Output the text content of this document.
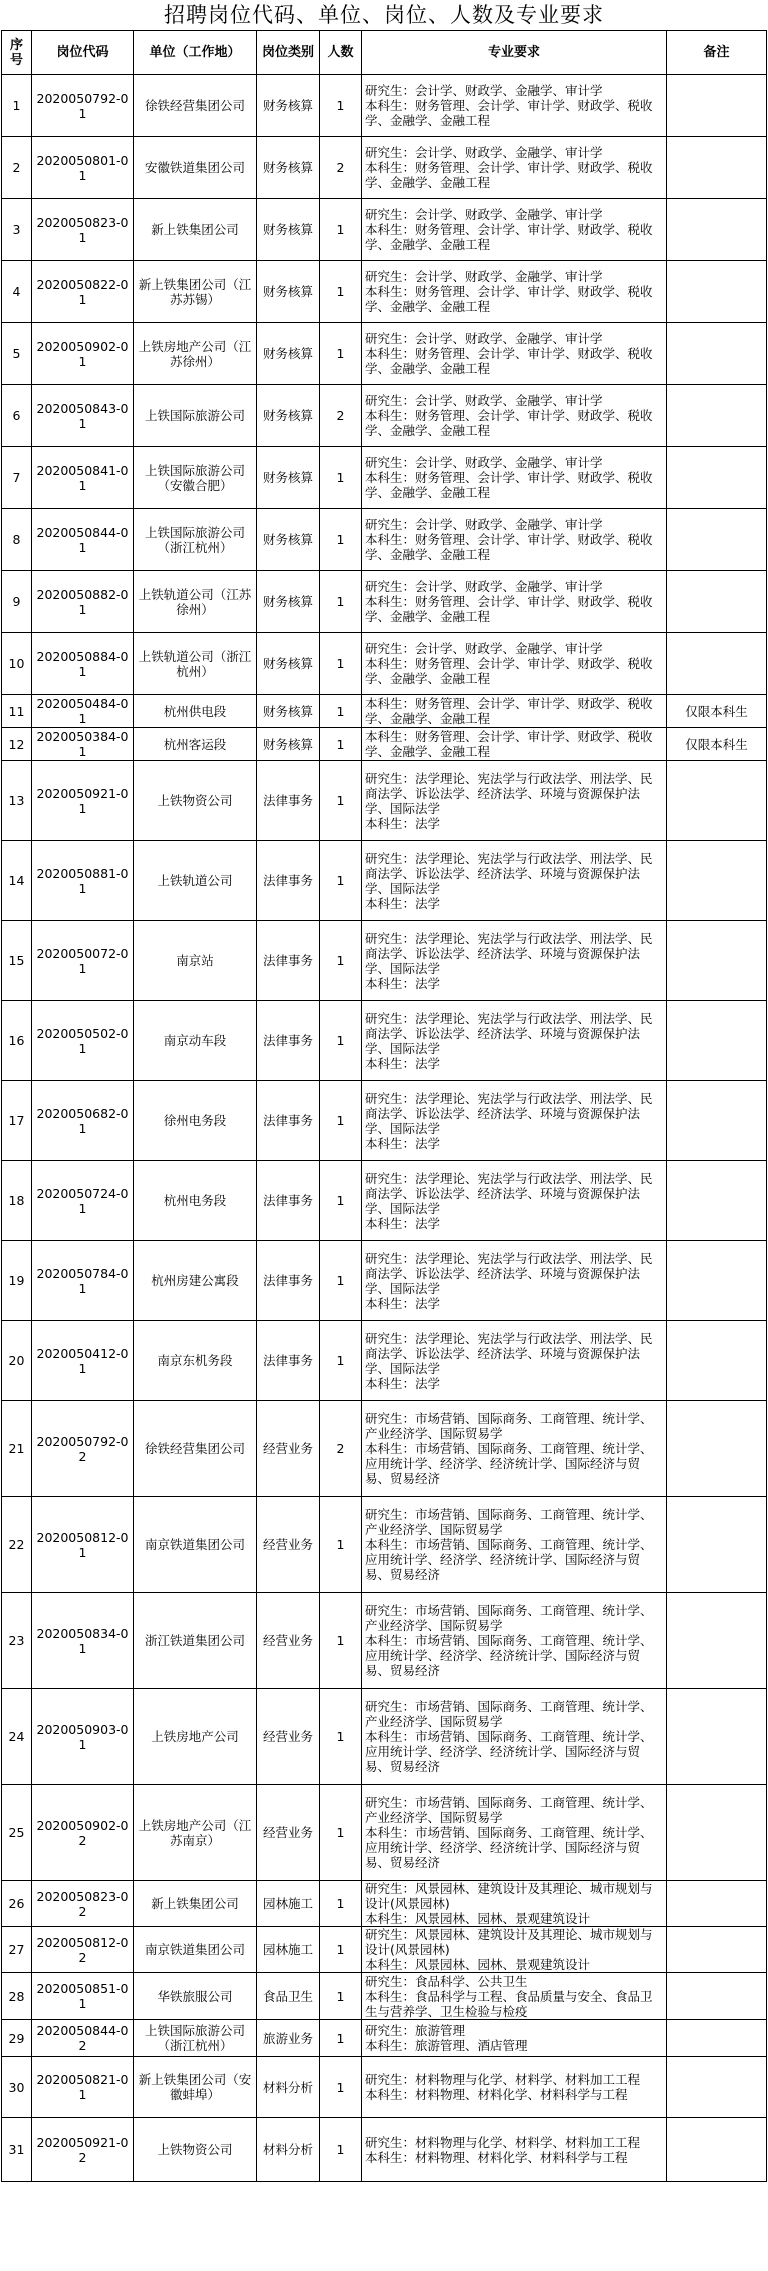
招聘岗位代码、单位、岗位、人数及专业要求
序号	岗位代码	单位（工作地）	岗位类别	人数	专业要求	备注
1	2020050792-01	徐铁经营集团公司	财务核算	1	研究生：会计学、财政学、金融学、审计学
本科生：财务管理、会计学、审计学、财政学、税收学、金融学、金融工程	
2	2020050801-01	安徽铁道集团公司	财务核算	2	研究生：会计学、财政学、金融学、审计学
本科生：财务管理、会计学、审计学、财政学、税收学、金融学、金融工程	
3	2020050823-01	新上铁集团公司	财务核算	1	研究生：会计学、财政学、金融学、审计学
本科生：财务管理、会计学、审计学、财政学、税收学、金融学、金融工程	
4	2020050822-01	新上铁集团公司（江苏苏锡）	财务核算	1	研究生：会计学、财政学、金融学、审计学
本科生：财务管理、会计学、审计学、财政学、税收学、金融学、金融工程	
5	2020050902-01	上铁房地产公司（江苏徐州）	财务核算	1	研究生：会计学、财政学、金融学、审计学
本科生：财务管理、会计学、审计学、财政学、税收学、金融学、金融工程	
6	2020050843-01	上铁国际旅游公司	财务核算	2	研究生：会计学、财政学、金融学、审计学
本科生：财务管理、会计学、审计学、财政学、税收学、金融学、金融工程	
7	2020050841-01	上铁国际旅游公司（安徽合肥）	财务核算	1	研究生：会计学、财政学、金融学、审计学
本科生：财务管理、会计学、审计学、财政学、税收学、金融学、金融工程	
8	2020050844-01	上铁国际旅游公司（浙江杭州）	财务核算	1	研究生：会计学、财政学、金融学、审计学
本科生：财务管理、会计学、审计学、财政学、税收学、金融学、金融工程	
9	2020050882-01	上铁轨道公司（江苏徐州）	财务核算	1	研究生：会计学、财政学、金融学、审计学
本科生：财务管理、会计学、审计学、财政学、税收学、金融学、金融工程	
10	2020050884-01	上铁轨道公司（浙江杭州）	财务核算	1	研究生：会计学、财政学、金融学、审计学
本科生：财务管理、会计学、审计学、财政学、税收学、金融学、金融工程	
11	2020050484-01	杭州供电段	财务核算	1	本科生：财务管理、会计学、审计学、财政学、税收学、金融学、金融工程	仅限本科生
12	2020050384-01	杭州客运段	财务核算	1	本科生：财务管理、会计学、审计学、财政学、税收学、金融学、金融工程	仅限本科生
13	2020050921-01	上铁物资公司	法律事务	1	研究生：法学理论、宪法学与行政法学、刑法学、民商法学、诉讼法学、经济法学、环境与资源保护法学、国际法学
本科生：法学	
14	2020050881-01	上铁轨道公司	法律事务	1	研究生：法学理论、宪法学与行政法学、刑法学、民商法学、诉讼法学、经济法学、环境与资源保护法学、国际法学
本科生：法学	
15	2020050072-01	南京站	法律事务	1	研究生：法学理论、宪法学与行政法学、刑法学、民商法学、诉讼法学、经济法学、环境与资源保护法学、国际法学
本科生：法学	
16	2020050502-01	南京动车段	法律事务	1	研究生：法学理论、宪法学与行政法学、刑法学、民商法学、诉讼法学、经济法学、环境与资源保护法学、国际法学
本科生：法学	
17	2020050682-01	徐州电务段	法律事务	1	研究生：法学理论、宪法学与行政法学、刑法学、民商法学、诉讼法学、经济法学、环境与资源保护法学、国际法学
本科生：法学	
18	2020050724-01	杭州电务段	法律事务	1	研究生：法学理论、宪法学与行政法学、刑法学、民商法学、诉讼法学、经济法学、环境与资源保护法学、国际法学
本科生：法学	
19	2020050784-01	杭州房建公寓段	法律事务	1	研究生：法学理论、宪法学与行政法学、刑法学、民商法学、诉讼法学、经济法学、环境与资源保护法学、国际法学
本科生：法学	
20	2020050412-01	南京东机务段	法律事务	1	研究生：法学理论、宪法学与行政法学、刑法学、民商法学、诉讼法学、经济法学、环境与资源保护法学、国际法学
本科生：法学	
21	2020050792-02	徐铁经营集团公司	经营业务	2	研究生：市场营销、国际商务、工商管理、统计学、产业经济学、国际贸易学
本科生：市场营销、国际商务、工商管理、统计学、应用统计学、经济学、经济统计学、国际经济与贸易、贸易经济	
22	2020050812-01	南京铁道集团公司	经营业务	1	研究生：市场营销、国际商务、工商管理、统计学、产业经济学、国际贸易学
本科生：市场营销、国际商务、工商管理、统计学、应用统计学、经济学、经济统计学、国际经济与贸易、贸易经济	
23	2020050834-01	浙江铁道集团公司	经营业务	1	研究生：市场营销、国际商务、工商管理、统计学、产业经济学、国际贸易学
本科生：市场营销、国际商务、工商管理、统计学、应用统计学、经济学、经济统计学、国际经济与贸易、贸易经济	
24	2020050903-01	上铁房地产公司	经营业务	1	研究生：市场营销、国际商务、工商管理、统计学、产业经济学、国际贸易学
本科生：市场营销、国际商务、工商管理、统计学、应用统计学、经济学、经济统计学、国际经济与贸易、贸易经济	
25	2020050902-02	上铁房地产公司（江苏南京）	经营业务	1	研究生：市场营销、国际商务、工商管理、统计学、产业经济学、国际贸易学
本科生：市场营销、国际商务、工商管理、统计学、应用统计学、经济学、经济统计学、国际经济与贸易、贸易经济	
26	2020050823-02	新上铁集团公司	园林施工	1	研究生：风景园林、建筑设计及其理论、城市规划与设计(风景园林)
本科生：风景园林、园林、景观建筑设计	
27	2020050812-02	南京铁道集团公司	园林施工	1	研究生：风景园林、建筑设计及其理论、城市规划与设计(风景园林)
本科生：风景园林、园林、景观建筑设计	
28	2020050851-01	华铁旅服公司	食品卫生	1	研究生：食品科学、公共卫生
本科生：食品科学与工程、食品质量与安全、食品卫生与营养学、卫生检验与检疫	
29	2020050844-02	上铁国际旅游公司（浙江杭州）	旅游业务	1	研究生：旅游管理
本科生：旅游管理、酒店管理	
30	2020050821-01	新上铁集团公司（安徽蚌埠）	材料分析	1	研究生：材料物理与化学、材料学、材料加工工程
本科生：材料物理、材料化学、材料科学与工程	
31	2020050921-02	上铁物资公司	材料分析	1	研究生：材料物理与化学、材料学、材料加工工程
本科生：材料物理、材料化学、材料科学与工程	
